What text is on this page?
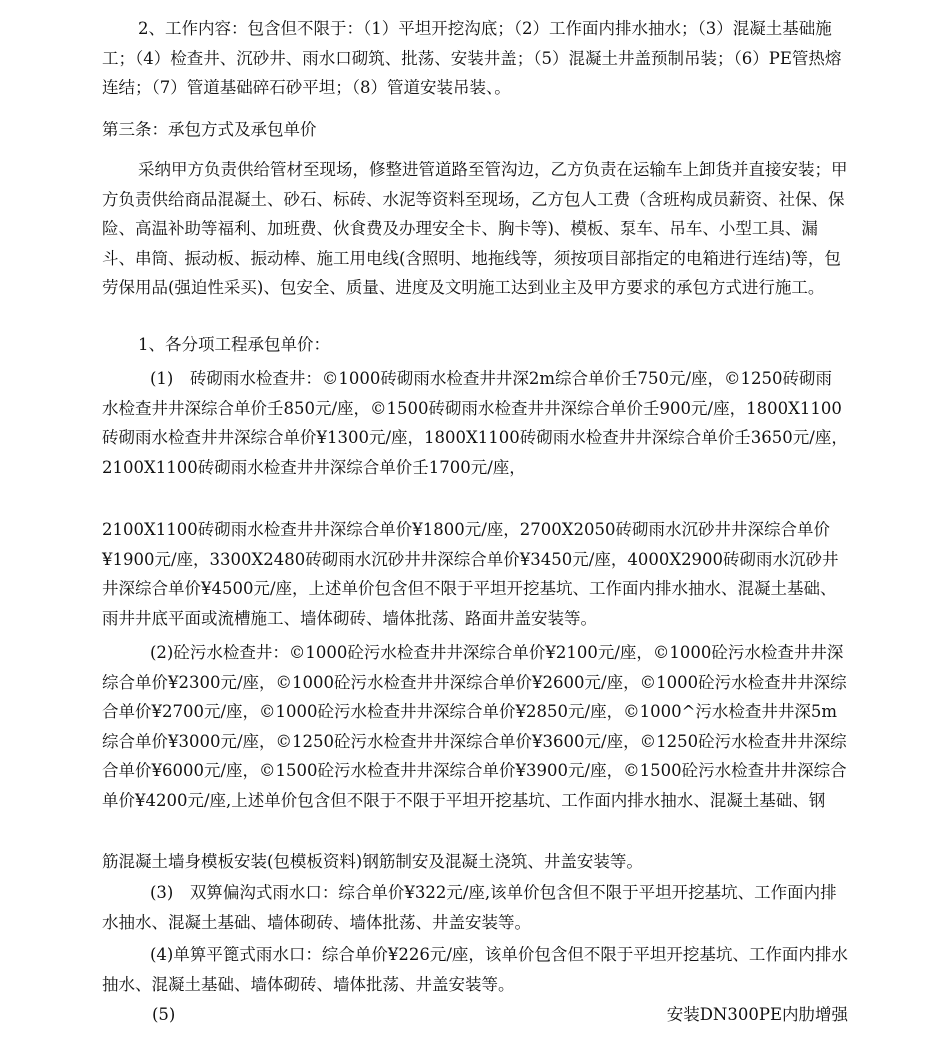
2、工作内容：包含但不限于：（1）平坦开挖沟底；（2）工作面内排水抽水；（3）混凝土基础施工；（4）检查井、沉砂井、雨水口砌筑、批荡、安装井盖；（5）混凝土井盖预制吊装；（6）PE管热熔连结；（7）管道基础碎石砂平坦；（8）管道安装吊装、。

第三条：承包方式及承包单价

采纳甲方负责供给管材至现场，修整进管道路至管沟边，乙方负责在运输车上卸货并直接安装；甲方负责供给商品混凝土、砂石、标砖、水泥等资料至现场，乙方包人工费（含班构成员薪资、社保、保险、高温补助等福利、加班费、伙食费及办理安全卡、胸卡等)、模板、泵车、吊车、小型工具、漏斗、串筒、振动板、振动棒、施工用电线(含照明、地拖线等，须按项目部指定的电箱进行连结)等，包劳保用品(强迫性采买)、包安全、质量、进度及文明施工达到业主及甲方要求的承包方式进行施工。

1、各分项工程承包单价：

(1)　砖砌雨水检查井：©1000砖砌雨水检查井井深2m综合单价壬750元/座，©1250砖砌雨水检查井井深综合单价壬850元/座，©1500砖砌雨水检查井井深综合单价壬900元/座，1800X1100砖砌雨水检查井井深综合单价¥1300元/座，1800X1100砖砌雨水检查井井深综合单价壬3650元/座，2100X1100砖砌雨水检查井井深综合单价壬1700元/座，

2100X1100砖砌雨水检查井井深综合单价¥1800元/座，2700X2050砖砌雨水沉砂井井深综合单价¥1900元/座，3300X2480砖砌雨水沉砂井井深综合单价¥3450元/座，4000X2900砖砌雨水沉砂井井深综合单价¥4500元/座，上述单价包含但不限于平坦开挖基坑、工作面内排水抽水、混凝土基础、雨井井底平面或流槽施工、墙体砌砖、墙体批荡、路面井盖安装等。

(2)砼污水检查井：©1000砼污水检查井井深综合单价¥2100元/座，©1000砼污水检查井井深综合单价¥2300元/座，©1000砼污水检查井井深综合单价¥2600元/座，©1000砼污水检查井井深综合单价¥2700元/座，©1000砼污水检查井井深综合单价¥2850元/座，©1000^污水检查井井深5m综合单价¥3000元/座，©1250砼污水检查井井深综合单价¥3600元/座，©1250砼污水检查井井深综合单价¥6000元/座，©1500砼污水检查井井深综合单价¥3900元/座，©1500砼污水检查井井深综合单价¥4200元/座,上述单价包含但不限于不限于平坦开挖基坑、工作面内排水抽水、混凝土基础、钢

筋混凝土墙身模板安装(包模板资料)钢筋制安及混凝土浇筑、井盖安装等。

(3)　双箅偏沟式雨水口：综合单价¥322元/座,该单价包含但不限于平坦开挖基坑、工作面内排水抽水、混凝土基础、墙体砌砖、墙体批荡、井盖安装等。

(4)单箅平篦式雨水口：综合单价¥226元/座，该单价包含但不限于平坦开挖基坑、工作面内排水抽水、混凝土基础、墙体砌砖、墙体批荡、井盖安装等。

(5)	安装DN300PE内肋增强
